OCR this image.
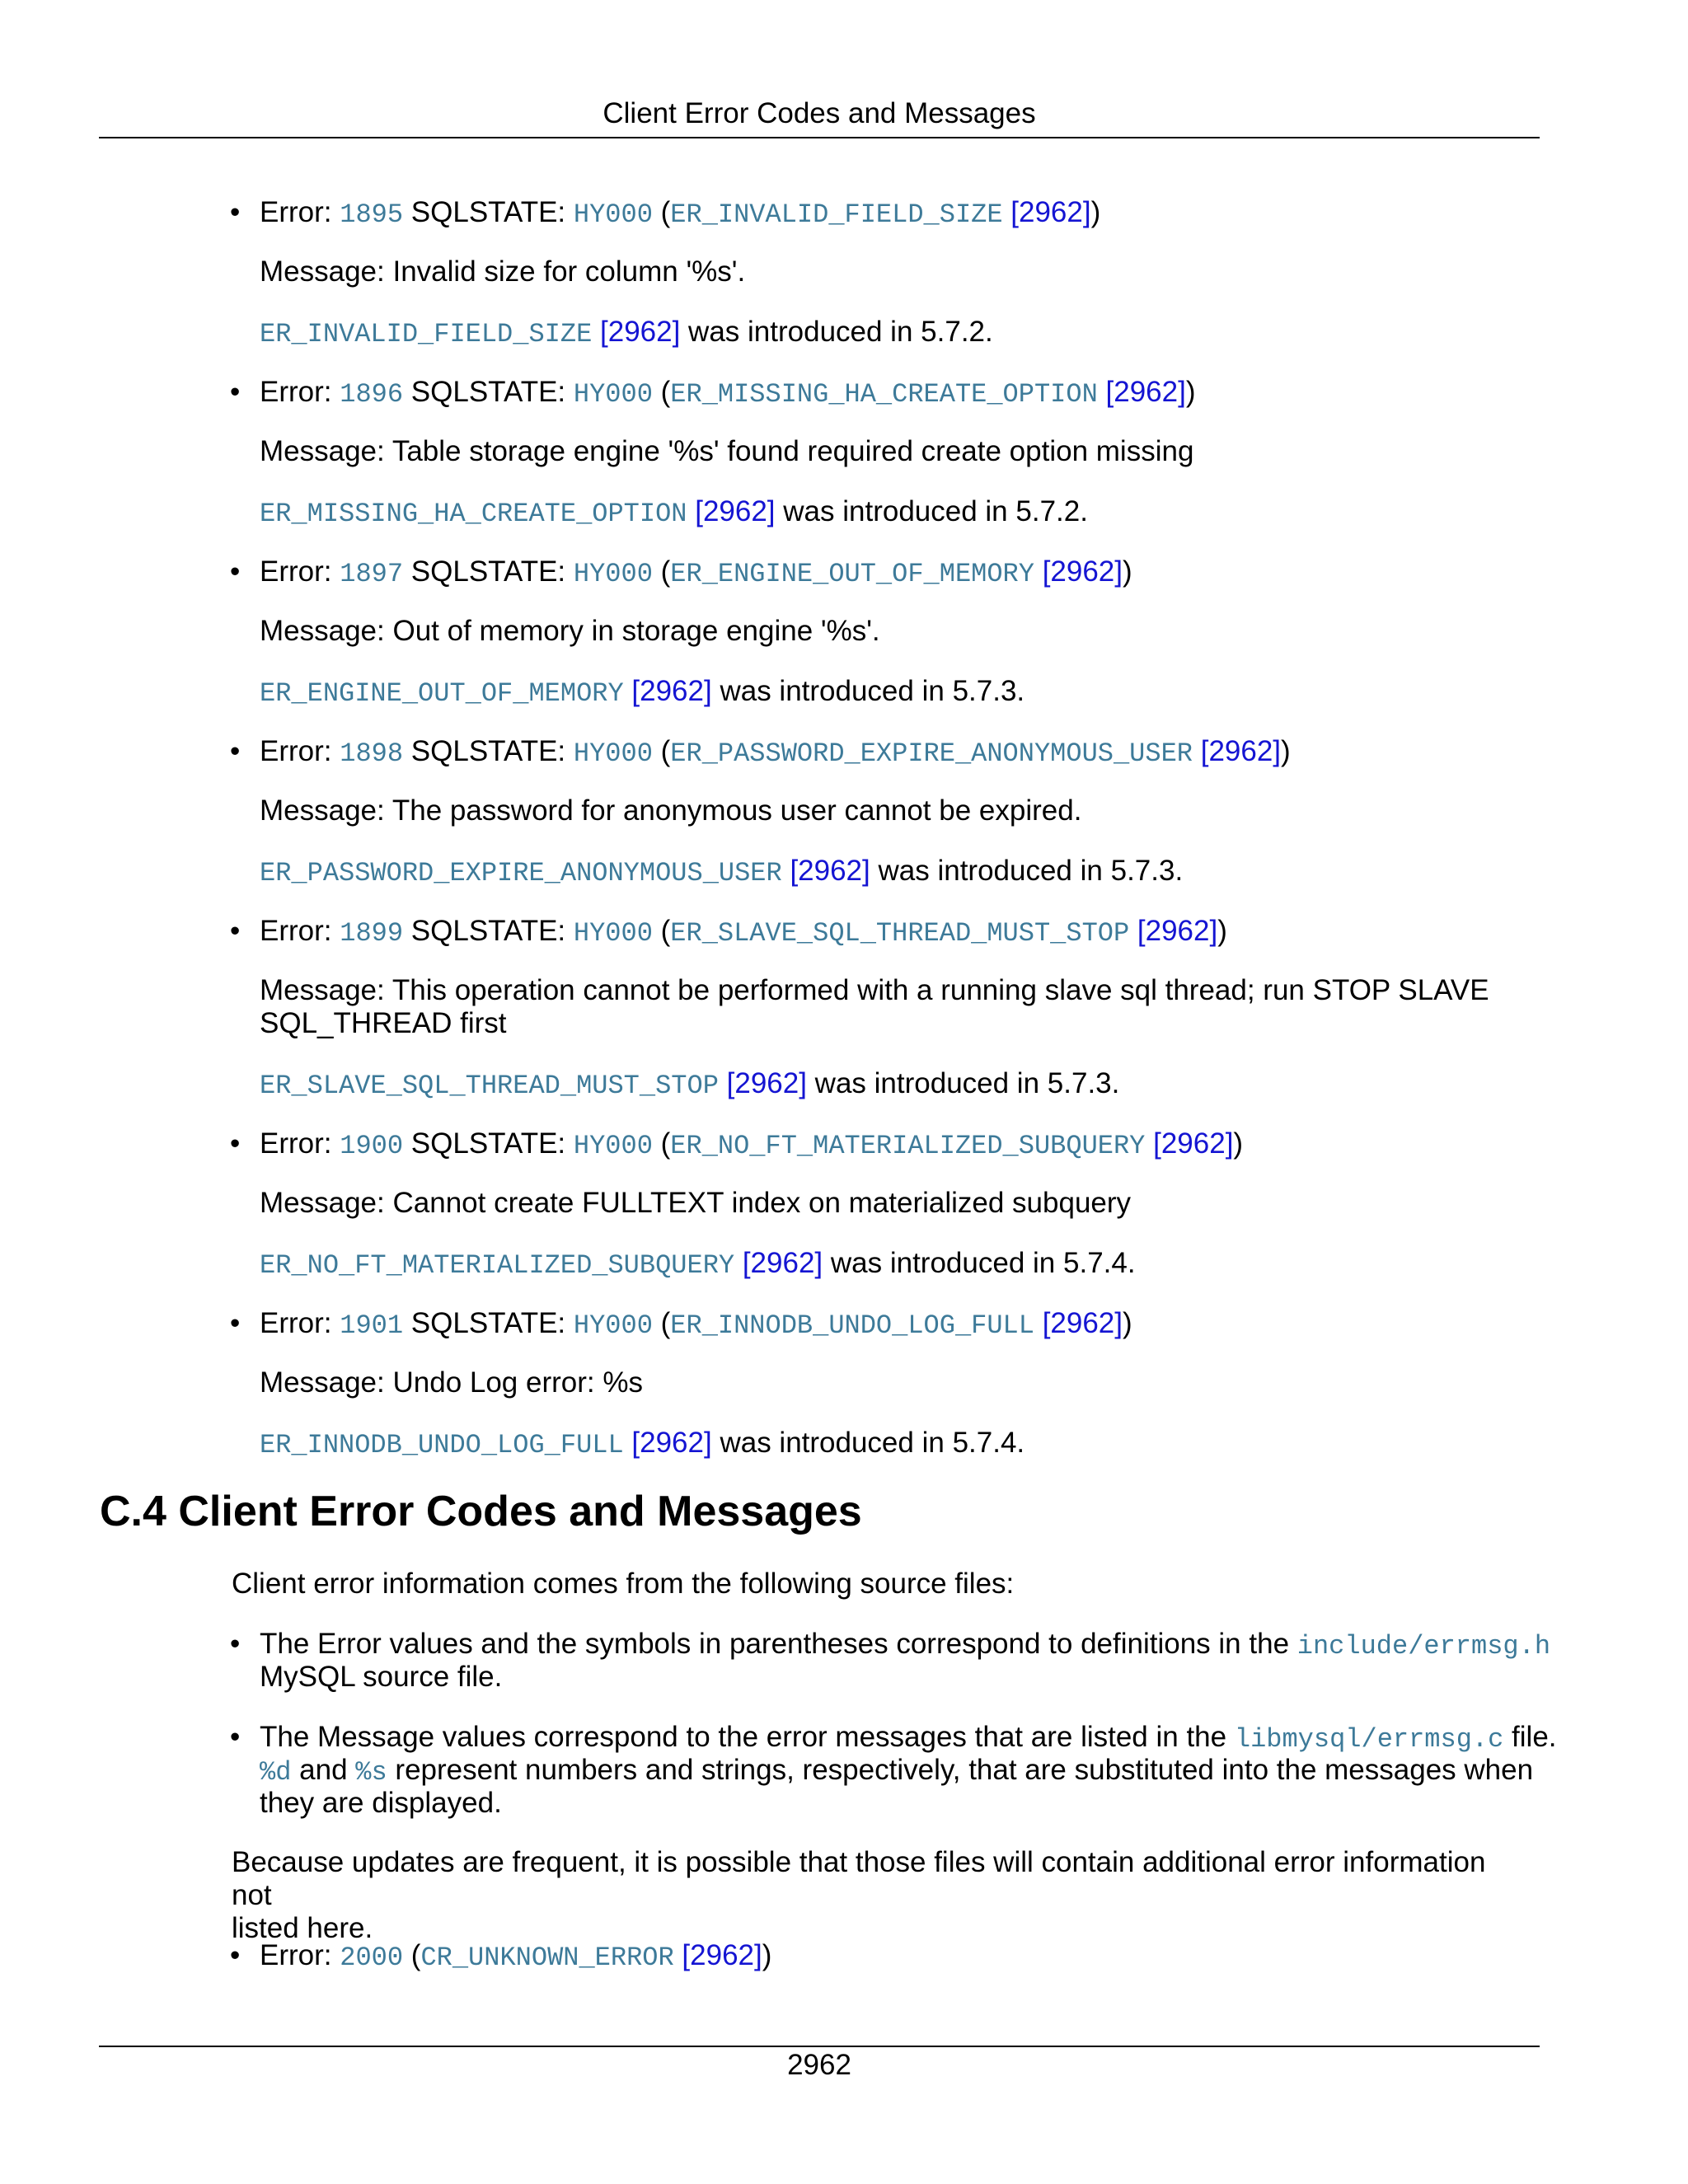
Client Error Codes and Messages
• Error: 1895 SQLSTATE: HY000 (ER_INVALID_FIELD_SIZE [2962])
Message: Invalid size for column '%s'.
ER_INVALID_FIELD_SIZE [2962] was introduced in 5.7.2.
• Error: 1896 SQLSTATE: HY000 (ER_MISSING_HA_CREATE_OPTION [2962])
Message: Table storage engine '%s' found required create option missing
ER_MISSING_HA_CREATE_OPTION [2962] was introduced in 5.7.2.
• Error: 1897 SQLSTATE: HY000 (ER_ENGINE_OUT_OF_MEMORY [2962])
Message: Out of memory in storage engine '%s'.
ER_ENGINE_OUT_OF_MEMORY [2962] was introduced in 5.7.3.
• Error: 1898 SQLSTATE: HY000 (ER_PASSWORD_EXPIRE_ANONYMOUS_USER [2962])
Message: The password for anonymous user cannot be expired.
ER_PASSWORD_EXPIRE_ANONYMOUS_USER [2962] was introduced in 5.7.3.
• Error: 1899 SQLSTATE: HY000 (ER_SLAVE_SQL_THREAD_MUST_STOP [2962])
Message: This operation cannot be performed with a running slave sql thread; run STOP SLAVE
SQL_THREAD first
ER_SLAVE_SQL_THREAD_MUST_STOP [2962] was introduced in 5.7.3.
• Error: 1900 SQLSTATE: HY000 (ER_NO_FT_MATERIALIZED_SUBQUERY [2962])
Message: Cannot create FULLTEXT index on materialized subquery
ER_NO_FT_MATERIALIZED_SUBQUERY [2962] was introduced in 5.7.4.
• Error: 1901 SQLSTATE: HY000 (ER_INNODB_UNDO_LOG_FULL [2962])
Message: Undo Log error: %s
ER_INNODB_UNDO_LOG_FULL [2962] was introduced in 5.7.4.
C.4 Client Error Codes and Messages
Client error information comes from the following source files:
• The Error values and the symbols in parentheses correspond to definitions in the include/errmsg.h
MySQL source file.
• The Message values correspond to the error messages that are listed in the libmysql/errmsg.c file.
%d and %s represent numbers and strings, respectively, that are substituted into the messages when
they are displayed.
Because updates are frequent, it is possible that those files will contain additional error information not
listed here.
• Error: 2000 (CR_UNKNOWN_ERROR [2962])
2962
